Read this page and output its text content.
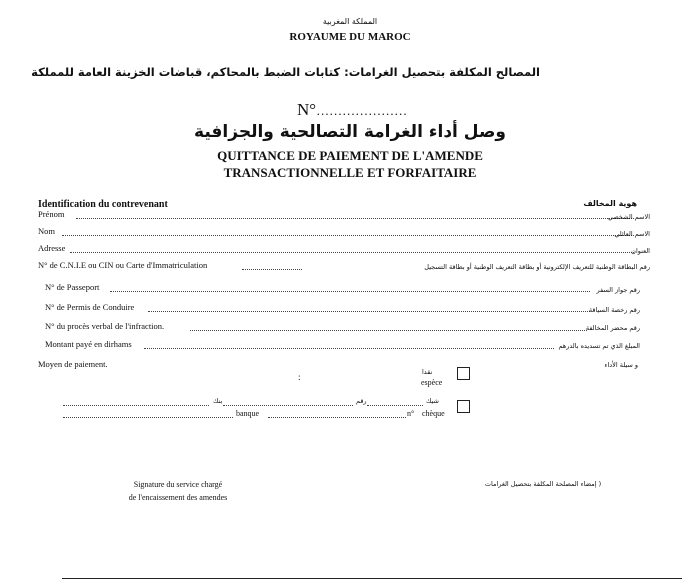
المملكة المغربية
ROYAUME DU MAROC
المصالح المكلفة بتحصيل الغرامات: كتابات الضبط بالمحاكم، قباضات الخزينة العامة للمملكة
N°…………………
وصل أداء الغرامة التصالحية والجزافية
QUITTANCE DE PAIEMENT DE L'AMENDE
TRANSACTIONNELLE ET FORFAITAIRE
Identification du contrevenant	هوية المخالف
Prénom	الاسم الشخصي
Nom	الاسم العائلي
Adresse	العنوان
N° de C.N.I.E ou CIN ou Carte d'Immatriculation	رقم البطاقة الوطنية للتعريف الإلكترونية أو بطاقة التعريف الوطنية أو بطاقة التسجيل
N° de Passeport	رقم جواز السفر
N° de Permis de Conduire	رقم رخصة السياقة
N° du procès verbal de l'infraction.	رقم محضر المخالفة
Montant payé en dirhams	المبلغ الذي تم تسديده بالدرهم
Moyen de paiement.	و سيلة الأداء
:	نقدا
espèce
بنك	رقم	شيك
banque	n° chèque
Signature du service chargé
de l'encaissement des amendes
( إمضاء المصلحة المكلفة بتحصيل الغرامات
